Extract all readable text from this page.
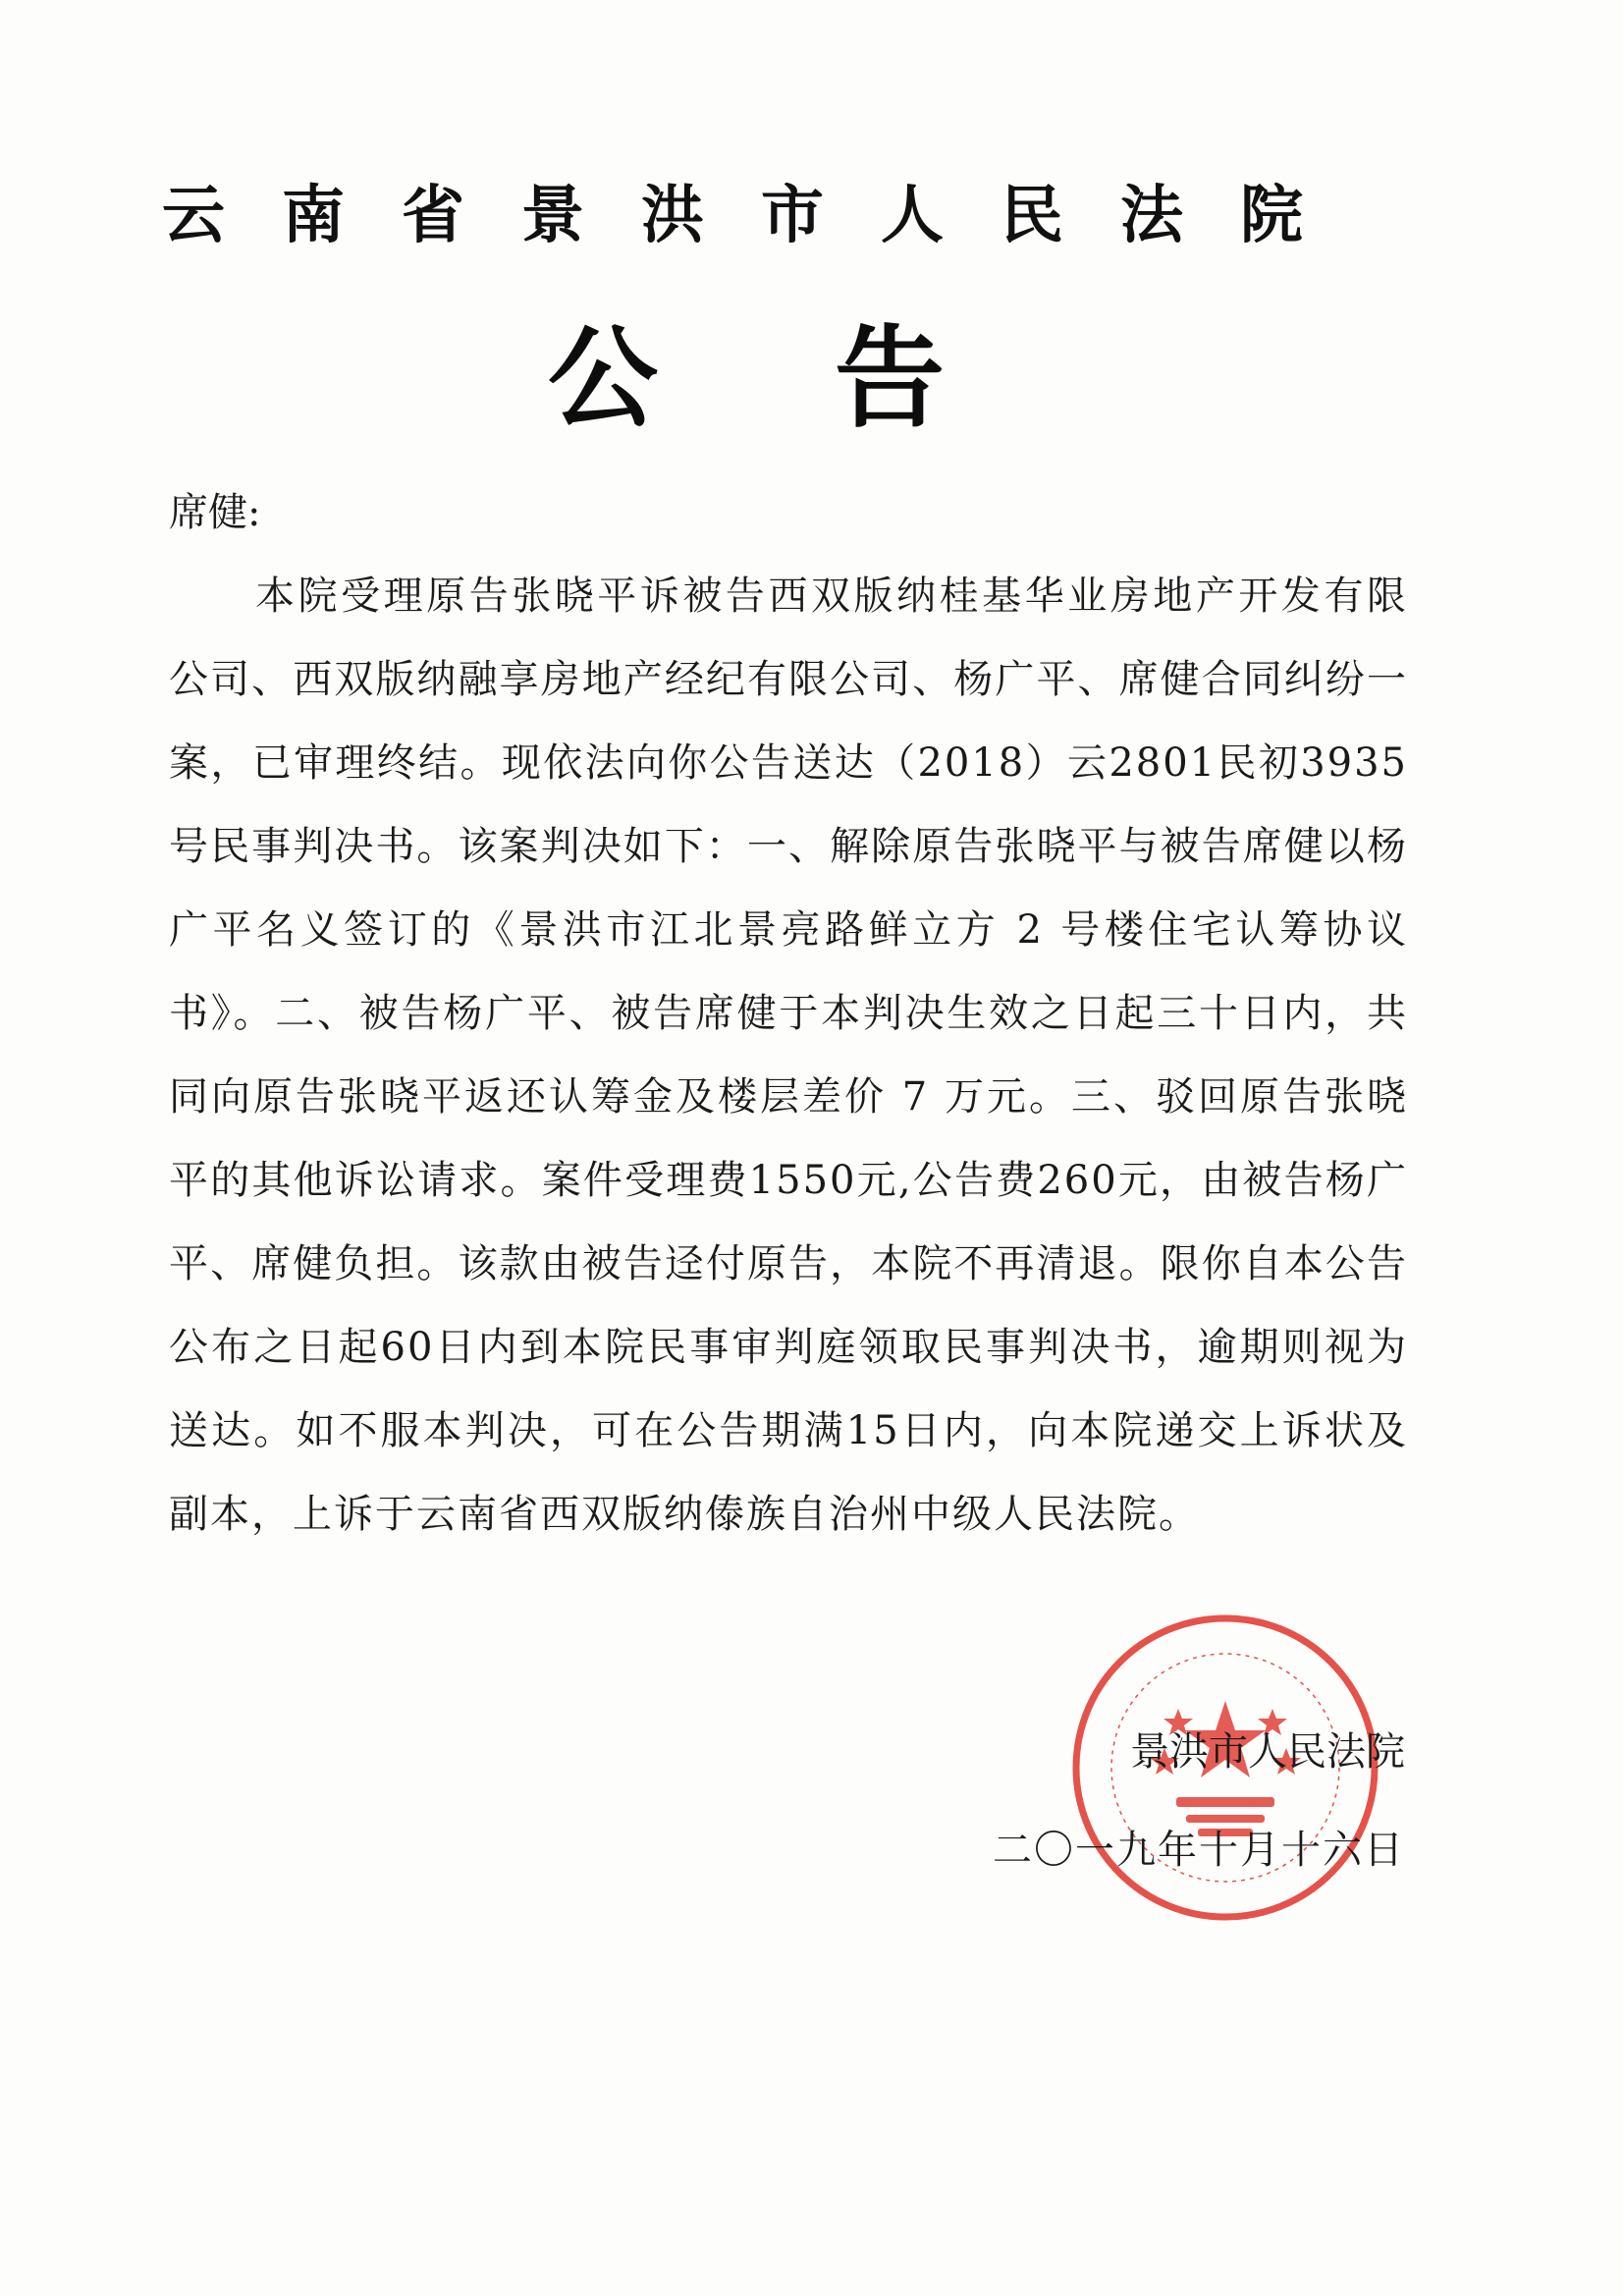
云南省景洪市人民法院
公告

席健:

本院受理原告张晓平诉被告西双版纳桂基华业房地产开发有限公司、西双版纳融享房地产经纪有限公司、杨广平、席健合同纠纷一案，已审理终结。现依法向你公告送达（2018）云2801民初3935号民事判决书。该案判决如下：一、解除原告张晓平与被告席健以杨广平名义签订的《景洪市江北景亮路鲜立方 2 号楼住宅认筹协议书》。二、被告杨广平、被告席健于本判决生效之日起三十日内，共同向原告张晓平返还认筹金及楼层差价 7 万元。三、驳回原告张晓平的其他诉讼请求。案件受理费1550元,公告费260元，由被告杨广平、席健负担。该款由被告迳付原告，本院不再清退。限你自本公告公布之日起60日内到本院民事审判庭领取民事判决书，逾期则视为送达。如不服本判决，可在公告期满15日内，向本院递交上诉状及副本，上诉于云南省西双版纳傣族自治州中级人民法院。

景洪市人民法院

二〇一九年十月十六日
